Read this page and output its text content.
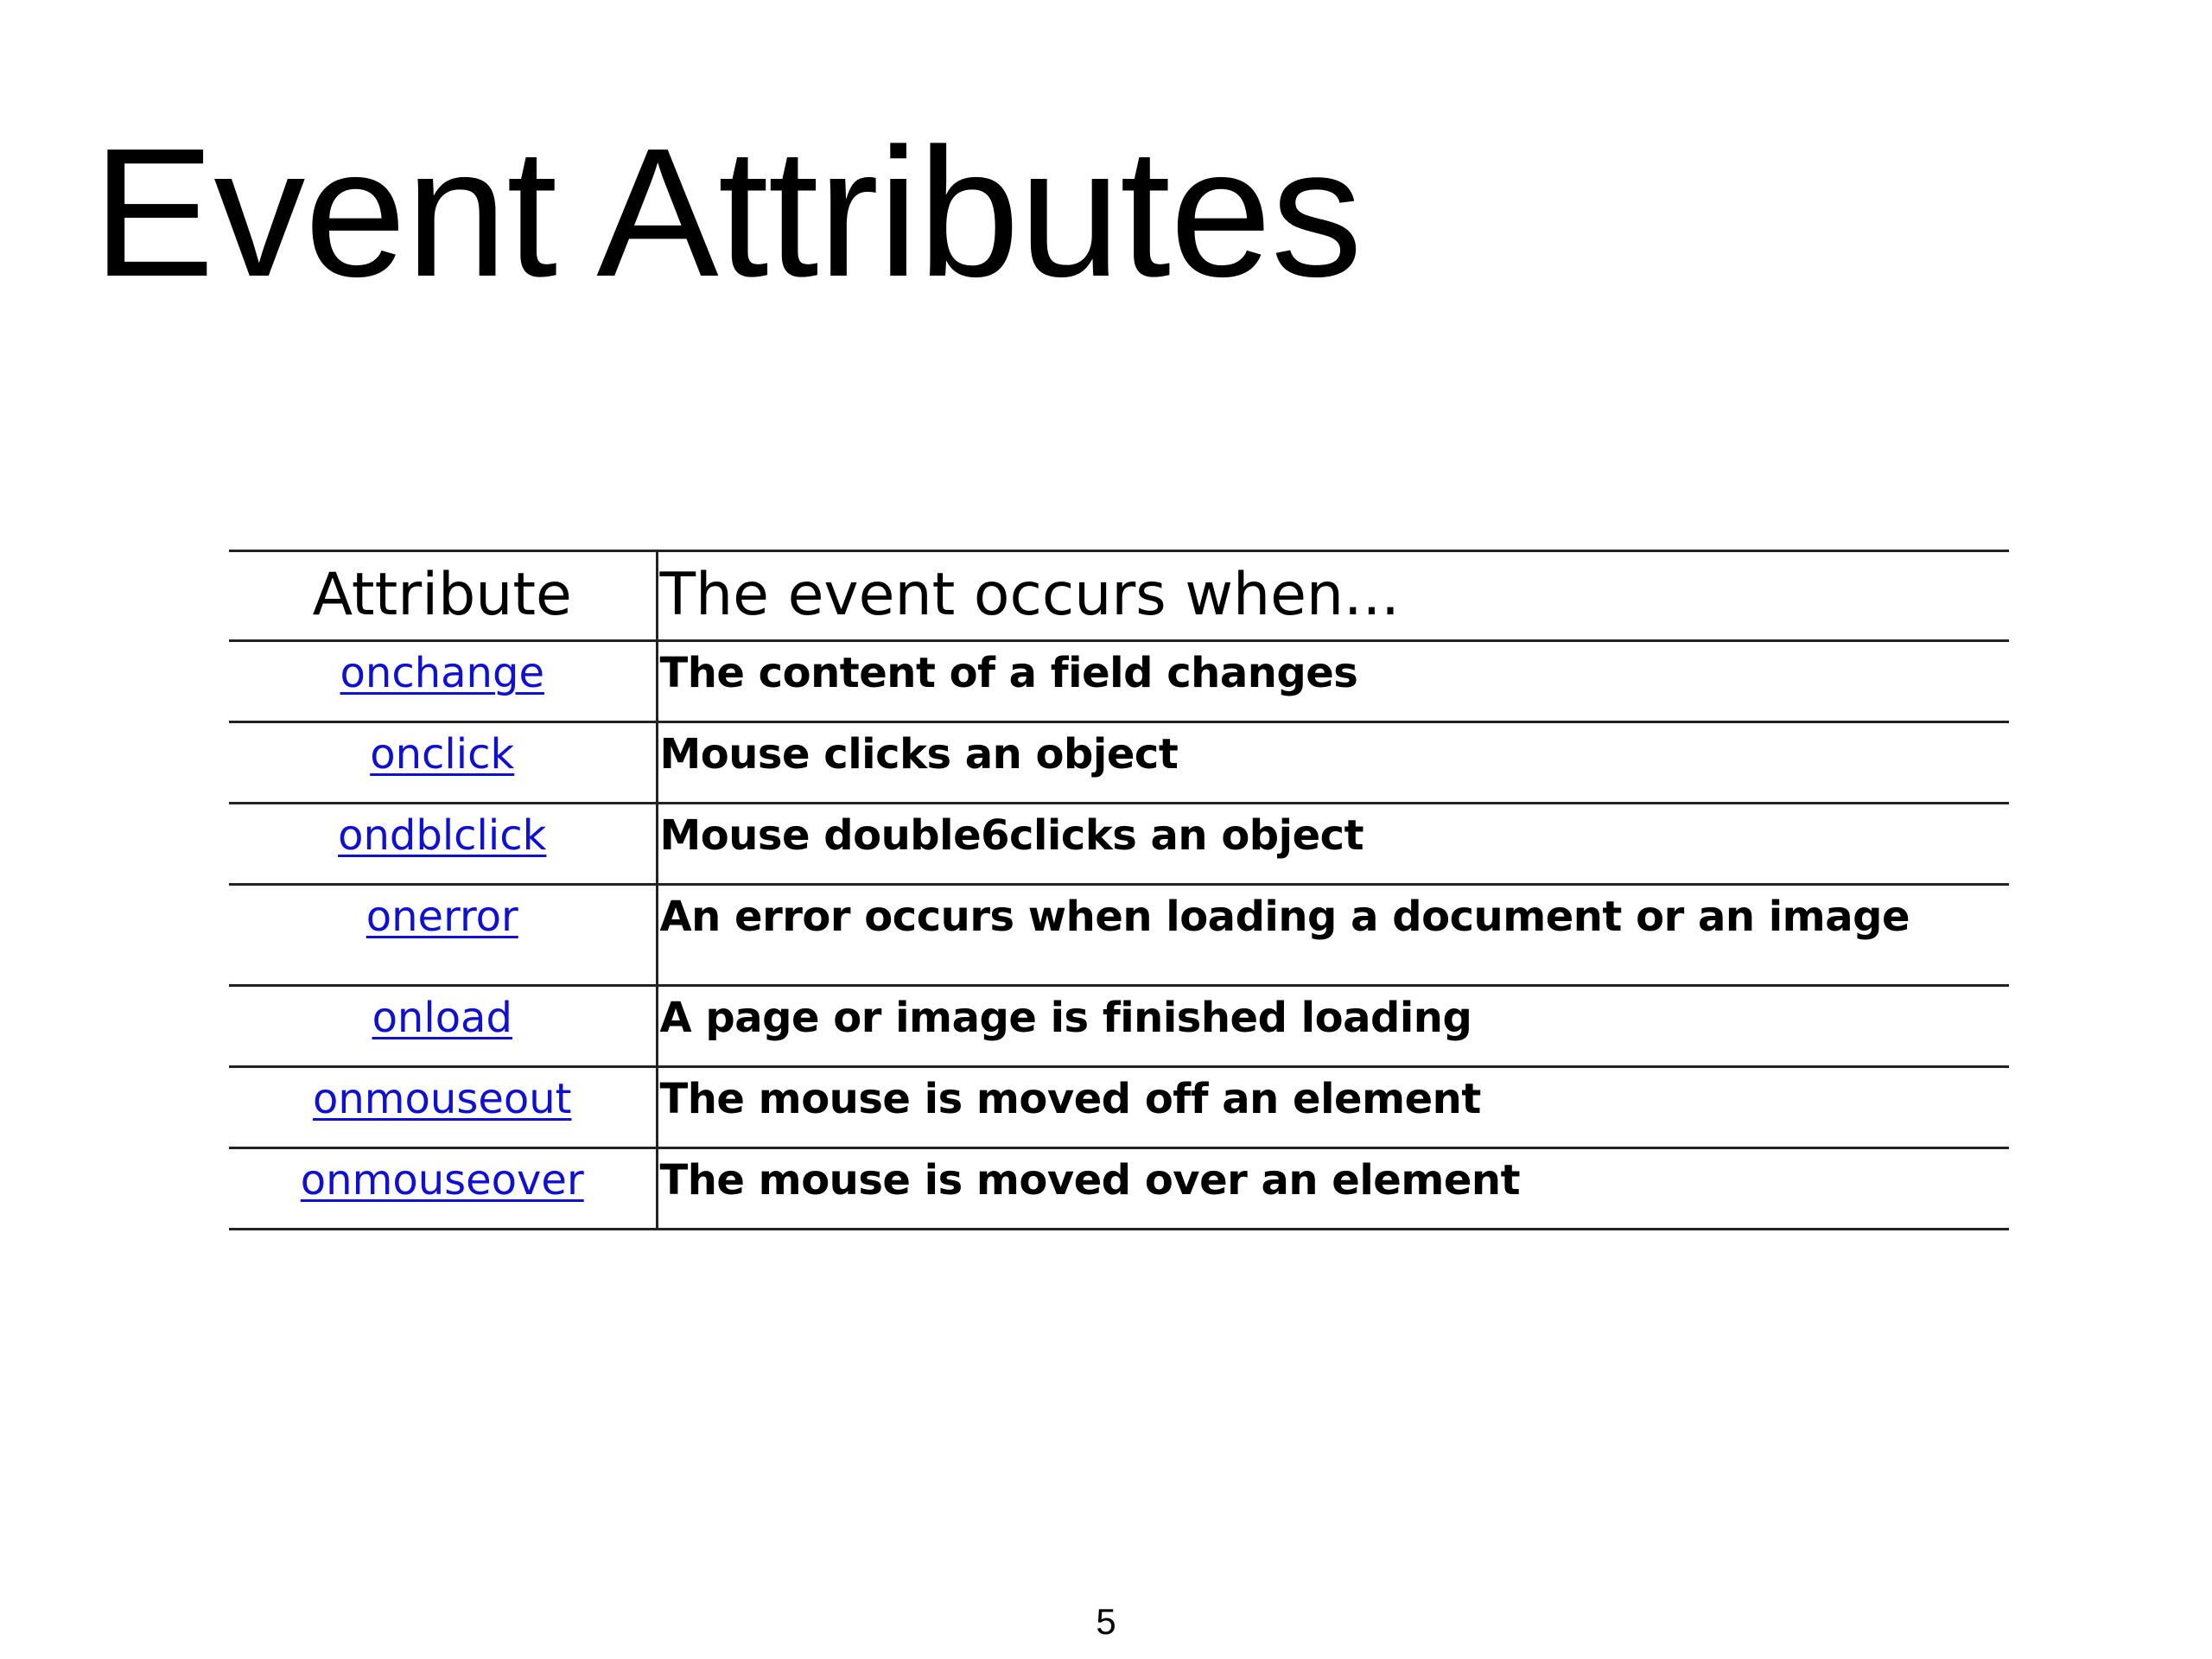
Event Attributes
Attribute	The event occurs when...
onchange	The content of a field changes
onclick	Mouse clicks an object
ondblclick	Mouse double6clicks an object
onerror	An error occurs when loading a document or an image
onload	A page or image is finished loading
onmouseout	The mouse is moved off an element
onmouseover	The mouse is moved over an element
5
